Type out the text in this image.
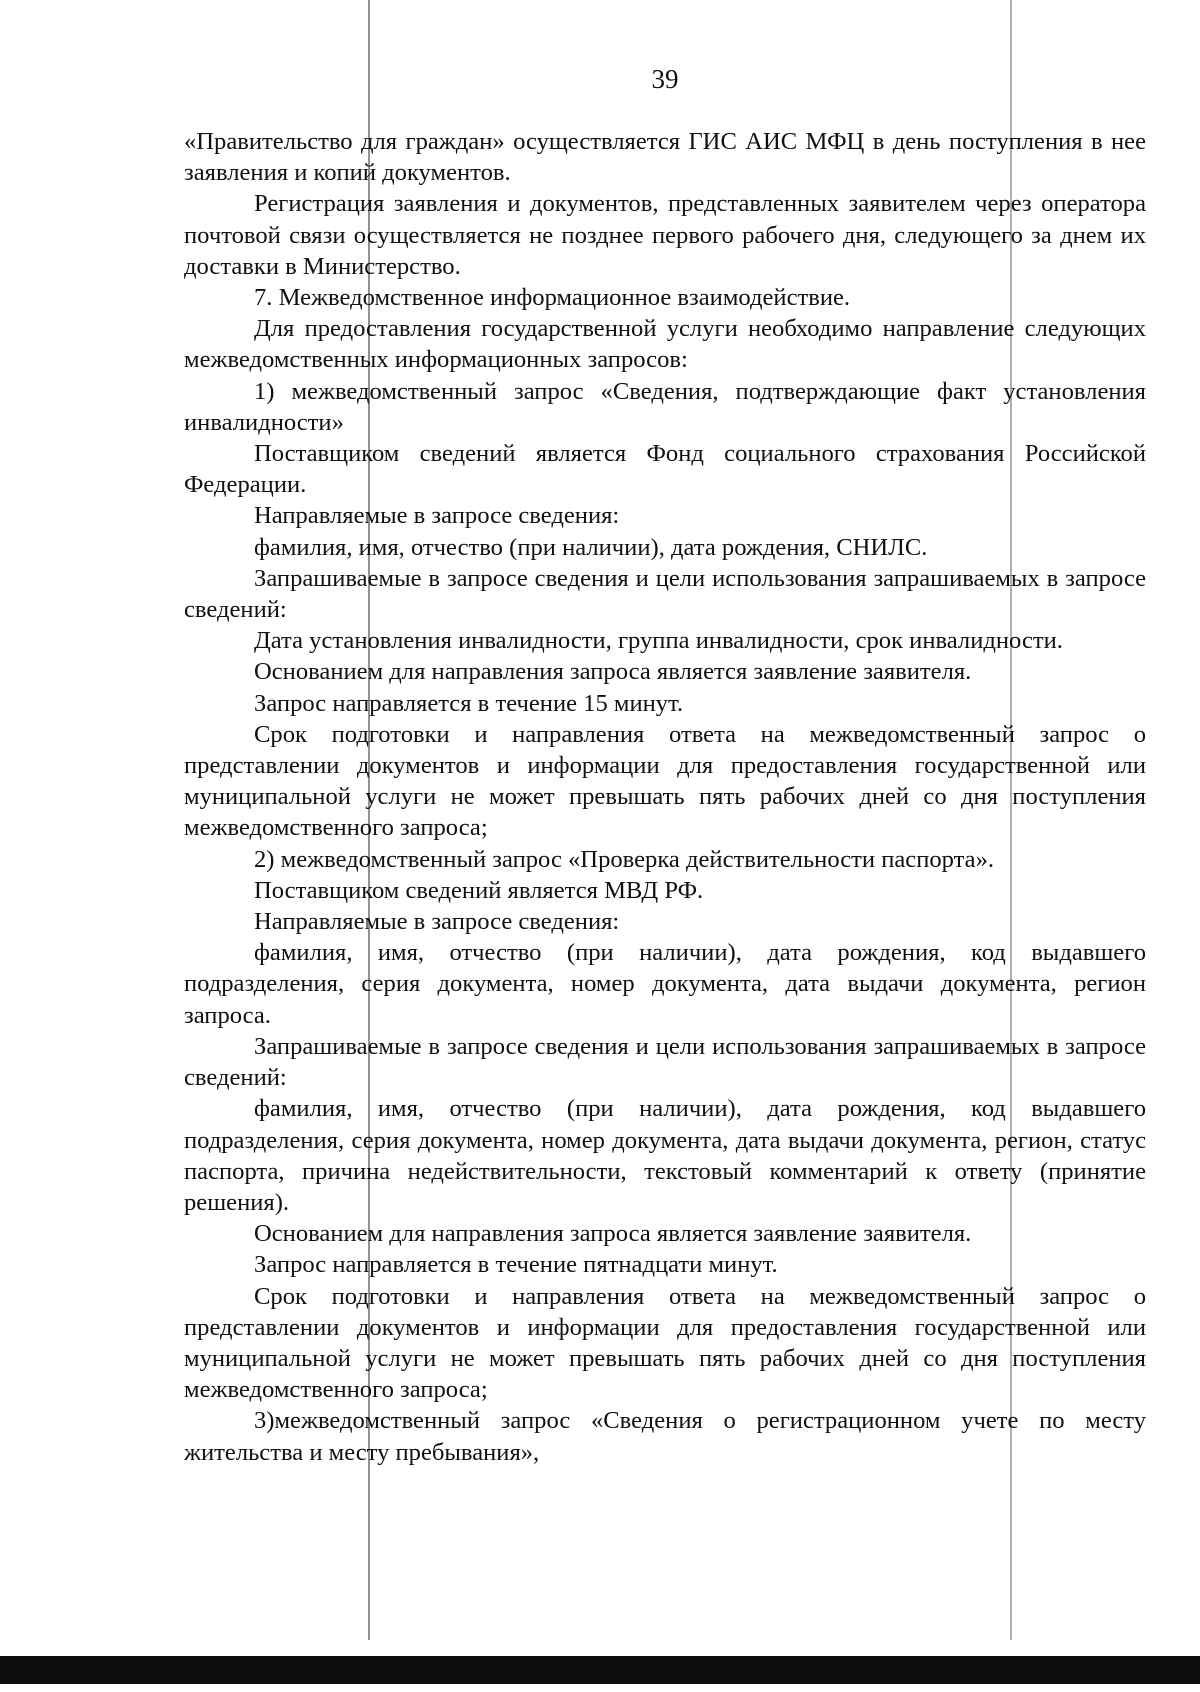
39

«Правительство для граждан» осуществляется ГИС АИС МФЦ в день поступления в нее заявления и копий документов.

Регистрация заявления и документов, представленных заявителем через оператора почтовой связи осуществляется не позднее первого рабочего дня, следующего за днем их доставки в Министерство.

7. Межведомственное информационное взаимодействие.

Для предоставления государственной услуги необходимо направление следующих межведомственных информационных запросов:

1) межведомственный запрос «Сведения, подтверждающие факт установления инвалидности»

Поставщиком сведений является Фонд социального страхования Российской Федерации.

Направляемые в запросе сведения:

фамилия, имя, отчество (при наличии), дата рождения, СНИЛС.

Запрашиваемые в запросе сведения и цели использования запрашиваемых в запросе сведений:

Дата установления инвалидности, группа инвалидности, срок инвалидности.

Основанием для направления запроса является заявление заявителя.

Запрос направляется в течение 15 минут.

Срок подготовки и направления ответа на межведомственный запрос о представлении документов и информации для предоставления государственной или муниципальной услуги не может превышать пять рабочих дней со дня поступления межведомственного запроса;

2) межведомственный запрос «Проверка действительности паспорта».

Поставщиком сведений является МВД РФ.

Направляемые в запросе сведения:

фамилия, имя, отчество (при наличии), дата рождения, код выдавшего подразделения, серия документа, номер документа, дата выдачи документа, регион запроса.

Запрашиваемые в запросе сведения и цели использования запрашиваемых в запросе сведений:

фамилия, имя, отчество (при наличии), дата рождения, код выдавшего подразделения, серия документа, номер документа, дата выдачи документа, регион, статус паспорта, причина недействительности, текстовый комментарий к ответу (принятие решения).

Основанием для направления запроса является заявление заявителя.

Запрос направляется в течение пятнадцати минут.

Срок подготовки и направления ответа на межведомственный запрос о представлении документов и информации для предоставления государственной или муниципальной услуги не может превышать пять рабочих дней со дня поступления межведомственного запроса;

3)межведомственный запрос «Сведения о регистрационном учете по месту жительства и месту пребывания»,
